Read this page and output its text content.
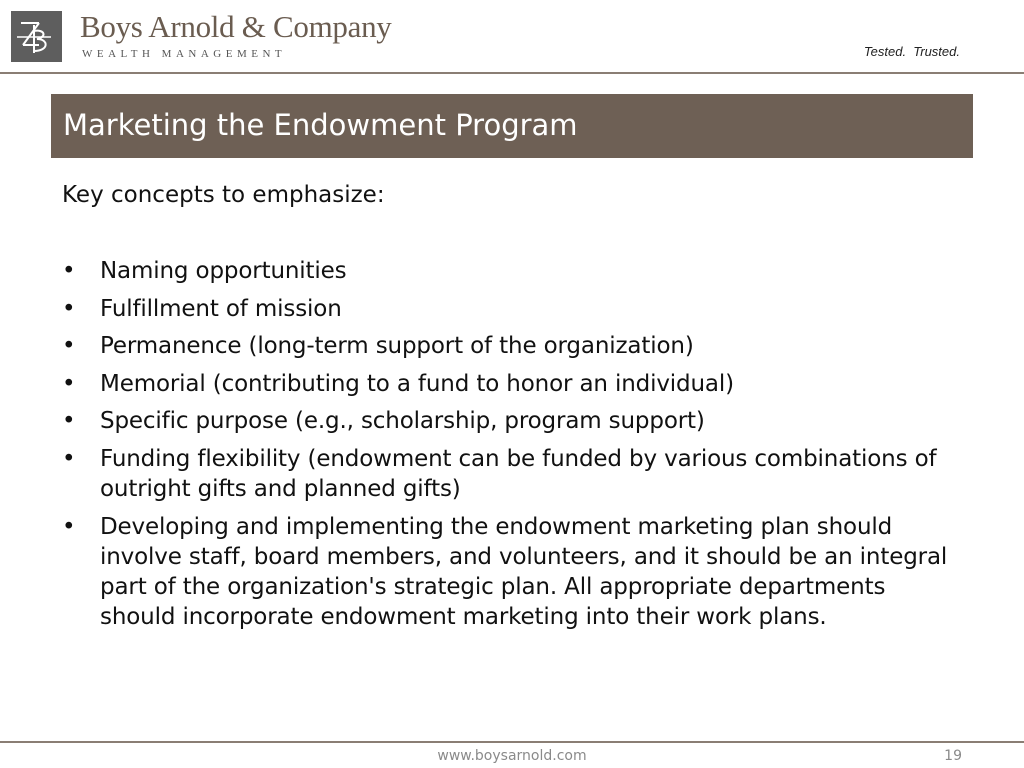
Boys Arnold & Company
WEALTH MANAGEMENT	Tested.  Trusted.
Marketing the Endowment Program
Key concepts to emphasize:
• Naming opportunities
• Fulfillment of mission
• Permanence (long-term support of the organization)
• Memorial (contributing to a fund to honor an individual)
• Specific purpose (e.g., scholarship, program support)
• Funding flexibility (endowment can be funded by various combinations of outright gifts and planned gifts)
• Developing and implementing the endowment marketing plan should involve staff, board members, and volunteers, and it should be an integral part of the organization's strategic plan. All appropriate departments should incorporate endowment marketing into their work plans.
www.boysarnold.com	19
